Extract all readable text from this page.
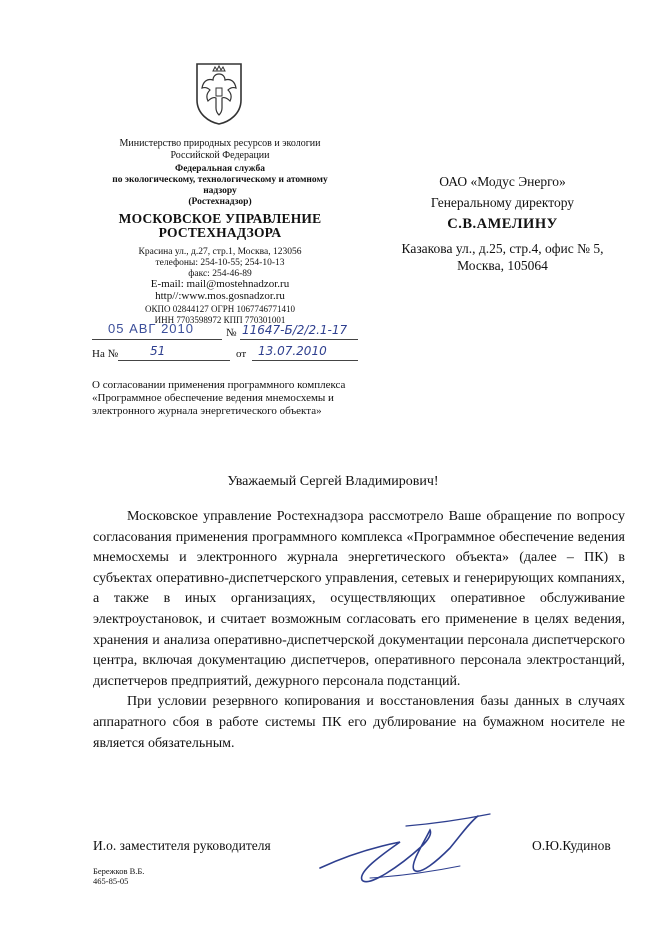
Министерство природных ресурсов и экологии
Российской Федерации
Федеральная служба
по экологическому, технологическому и атомному
надзору
(Ростехнадзор)
МОСКОВСКОЕ УПРАВЛЕНИЕ
РОСТЕХНАДЗОРА
Красина ул., д.27, стр.1, Москва, 123056
телефоны: 254-10-55; 254-10-13
факс: 254-46-89
E-mail: mail@mostehnadzor.ru
http//:www.mos.gosnadzor.ru
ОКПО 02844127 ОГРН 1067746771410
ИНН 7703598972 КПП 770301001
05 АВГ 2010	№ 11647-Б/2/2.1-17
На №	51	от 13.07.2010
О согласовании применения программного комплекса «Программное обеспечение ведения мнемосхемы и электронного журнала энергетического объекта»
ОАО «Модус Энерго»
Генеральному директору
С.В.АМЕЛИНУ
Казакова ул., д.25, стр.4, офис № 5,
Москва, 105064
Уважаемый Сергей Владимирович!

Московское управление Ростехнадзора рассмотрело Ваше обращение по вопросу согласования применения программного комплекса «Программное обеспечение ведения мнемосхемы и электронного журнала энергетического объекта» (далее – ПК) в субъектах оперативно-диспетчерского управления, сетевых и генерирующих компаниях, а также в иных организациях, осуществляющих оперативное обслуживание электроустановок, и считает возможным согласовать его применение в целях ведения, хранения и анализа оперативно-диспетчерской документации персонала диспетчерского центра, включая документацию диспетчеров, оперативного персонала электростанций, диспетчеров предприятий, дежурного персонала подстанций.

При условии резервного копирования и восстановления базы данных в случаях аппаратного сбоя в работе системы ПК его дублирование на бумажном носителе не является обязательным.

И.о. заместителя руководителя	О.Ю.Кудинов
Бережков В.Б.
465-85-05
